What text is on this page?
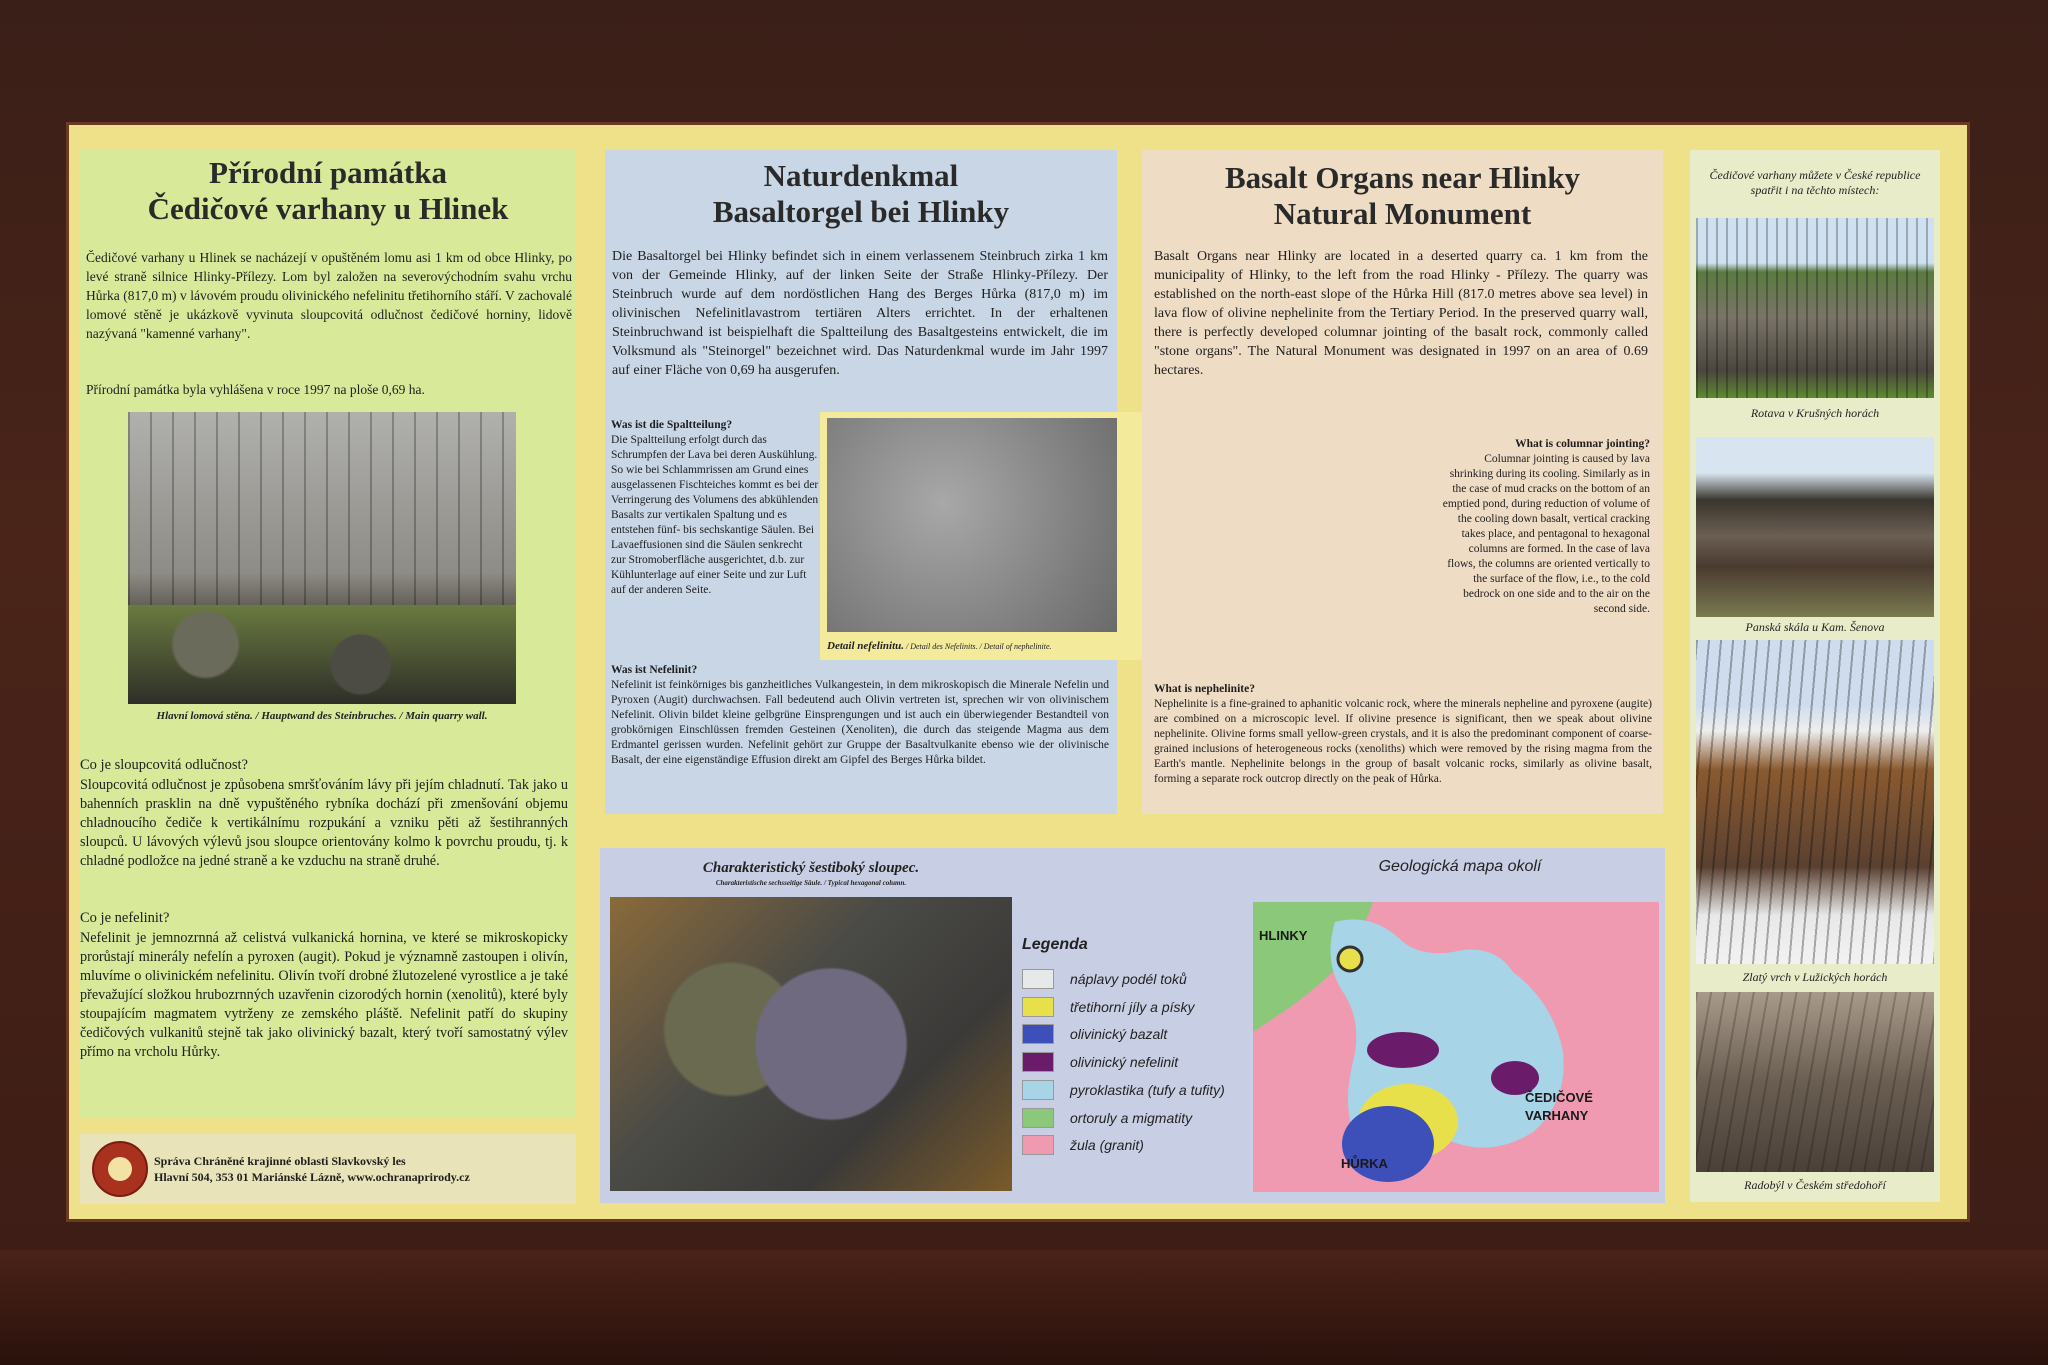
Přírodní památka
Čedičové varhany u Hlinek

Čedičové varhany u Hlinek se nacházejí v opuštěném lomu asi 1 km od obce Hlinky, po levé straně silnice Hlinky-Přílezy. Lom byl založen na severovýchodním svahu vrchu Hůrka (817,0 m) v lávovém proudu olivinického nefelinitu třetihorního stáří. V zachovalé lomové stěně je ukázkově vyvinuta sloupcovitá odlučnost čedičové horniny, lidově nazývaná "kamenné varhany".

Přírodní památka byla vyhlášena v roce 1997 na ploše 0,69 ha.

Hlavní lomová stěna. / Hauptwand des Steinbruches. / Main quarry wall.

Co je sloupcovitá odlučnost?

Sloupcovitá odlučnost je způsobena smršťováním lávy při jejím chladnutí. Tak jako u bahenních prasklin na dně vypuštěného rybníka dochází při zmenšování objemu chladnoucího čediče k vertikálnímu rozpukání a vzniku pěti až šestihranných sloupců. U lávových výlevů jsou sloupce orientovány kolmo k povrchu proudu, tj. k chladné podložce na jedné straně a ke vzduchu na straně druhé.

Co je nefelinit?

Nefelinit je jemnozrnná až celistvá vulkanická hornina, ve které se mikroskopicky prorůstají minerály nefelín a pyroxen (augit). Pokud je významně zastoupen i olivín, mluvíme o olivinickém nefelinitu. Olivín tvoří drobné žlutozelené vyrostlice a je také převažující složkou hrubozrnných uzavřenin cizorodých hornin (xenolitů), které byly stoupajícím magmatem vytrženy ze zemského pláště. Nefelinit patří do skupiny čedičových vulkanitů stejně tak jako olivinický bazalt, který tvoří samostatný výlev přímo na vrcholu Hůrky.

Správa Chráněné krajinné oblasti Slavkovský les
Hlavní 504, 353 01 Mariánské Lázně, www.ochranaprirody.cz
Naturdenkmal
Basaltorgel bei Hlinky

Die Basaltorgel bei Hlinky befindet sich in einem verlassenem Steinbruch zirka 1 km von der Gemeinde Hlinky, auf der linken Seite der Straße Hlinky-Přílezy. Der Steinbruch wurde auf dem nordöstlichen Hang des Berges Hůrka (817,0 m) im olivinischen Nefelinitlavastrom tertiären Alters errichtet. In der erhaltenen Steinbruchwand ist beispielhaft die Spaltteilung des Basaltgesteins entwickelt, die im Volksmund als "Steinorgel" bezeichnet wird. Das Naturdenkmal wurde im Jahr 1997 auf einer Fläche von 0,69 ha ausgerufen.

Was ist die Spaltteilung?

Die Spaltteilung erfolgt durch das Schrumpfen der Lava bei deren Auskühlung. So wie bei Schlammrissen am Grund eines ausgelassenen Fischteiches kommt es bei der Verringerung des Volumens des abkühlenden Basalts zur vertikalen Spaltung und es entstehen fünf- bis sechskantige Säulen. Bei Lavaeffusionen sind die Säulen senkrecht zur Stromoberfläche ausgerichtet, d.b. zur Kühlunterlage auf einer Seite und zur Luft auf der anderen Seite.

Was ist Nefelinit?

Nefelinit ist feinkörniges bis ganzheitliches Vulkangestein, in dem mikroskopisch die Minerale Nefelin und Pyroxen (Augit) durchwachsen. Fall bedeutend auch Olivin vertreten ist, sprechen wir von olivinischem Nefelinit. Olivin bildet kleine gelbgrüne Einsprengungen und ist auch ein überwiegender Bestandteil von grobkörnigen Einschlüssen fremden Gesteinen (Xenoliten), die durch das steigende Magma aus dem Erdmantel gerissen wurden. Nefelinit gehört zur Gruppe der Basaltvulkanite ebenso wie der olivinische Basalt, der eine eigenständige Effusion direkt am Gipfel des Berges Hůrka bildet.

Detail nefelinitu. / Detail des Nefelinits. / Detail of nephelinite.
Basalt Organs near Hlinky
Natural Monument

Basalt Organs near Hlinky are located in a deserted quarry ca. 1 km from the municipality of Hlinky, to the left from the road Hlinky - Přílezy. The quarry was established on the north-east slope of the Hůrka Hill (817.0 metres above sea level) in lava flow of olivine nephelinite from the Tertiary Period. In the preserved quarry wall, there is perfectly developed columnar jointing of the basalt rock, commonly called "stone organs". The Natural Monument was designated in 1997 on an area of 0.69 hectares.

What is columnar jointing?

Columnar jointing is caused by lava shrinking during its cooling. Similarly as in the case of mud cracks on the bottom of an emptied pond, during reduction of volume of the cooling down basalt, vertical cracking takes place, and pentagonal to hexagonal columns are formed. In the case of lava flows, the columns are oriented vertically to the surface of the flow, i.e., to the cold bedrock on one side and to the air on the second side.

What is nephelinite?

Nephelinite is a fine-grained to aphanitic volcanic rock, where the minerals nepheline and pyroxene (augite) are combined on a microscopic level. If olivine presence is significant, then we speak about olivine nephelinite. Olivine forms small yellow-green crystals, and it is also the predominant component of coarse-grained inclusions of heterogeneous rocks (xenoliths) which were removed by the rising magma from the Earth's mantle. Nephelinite belongs in the group of basalt volcanic rocks, similarly as olivine basalt, forming a separate rock outcrop directly on the peak of Hůrka.

Charakteristický šestiboký sloupec.
Charakteristische sechsseitige Säule. / Typical hexagonal column.
Legenda
náplavy podél toků
třetihorní jíly a písky
olivinický bazalt
olivinický nefelinit
pyroklastika (tufy a tufity)
ortoruly a migmatity
žula (granit)
Geologická mapa okolí
HLINKY
ČEDIČOVÉ
VARHANY
HŮRKA
Čedičové varhany můžete v České republice spatřit i na těchto místech:
Rotava v Krušných horách
Panská skála u Kam. Šenova
Zlatý vrch v Lužických horách
Radobýl v Českém středohoří
